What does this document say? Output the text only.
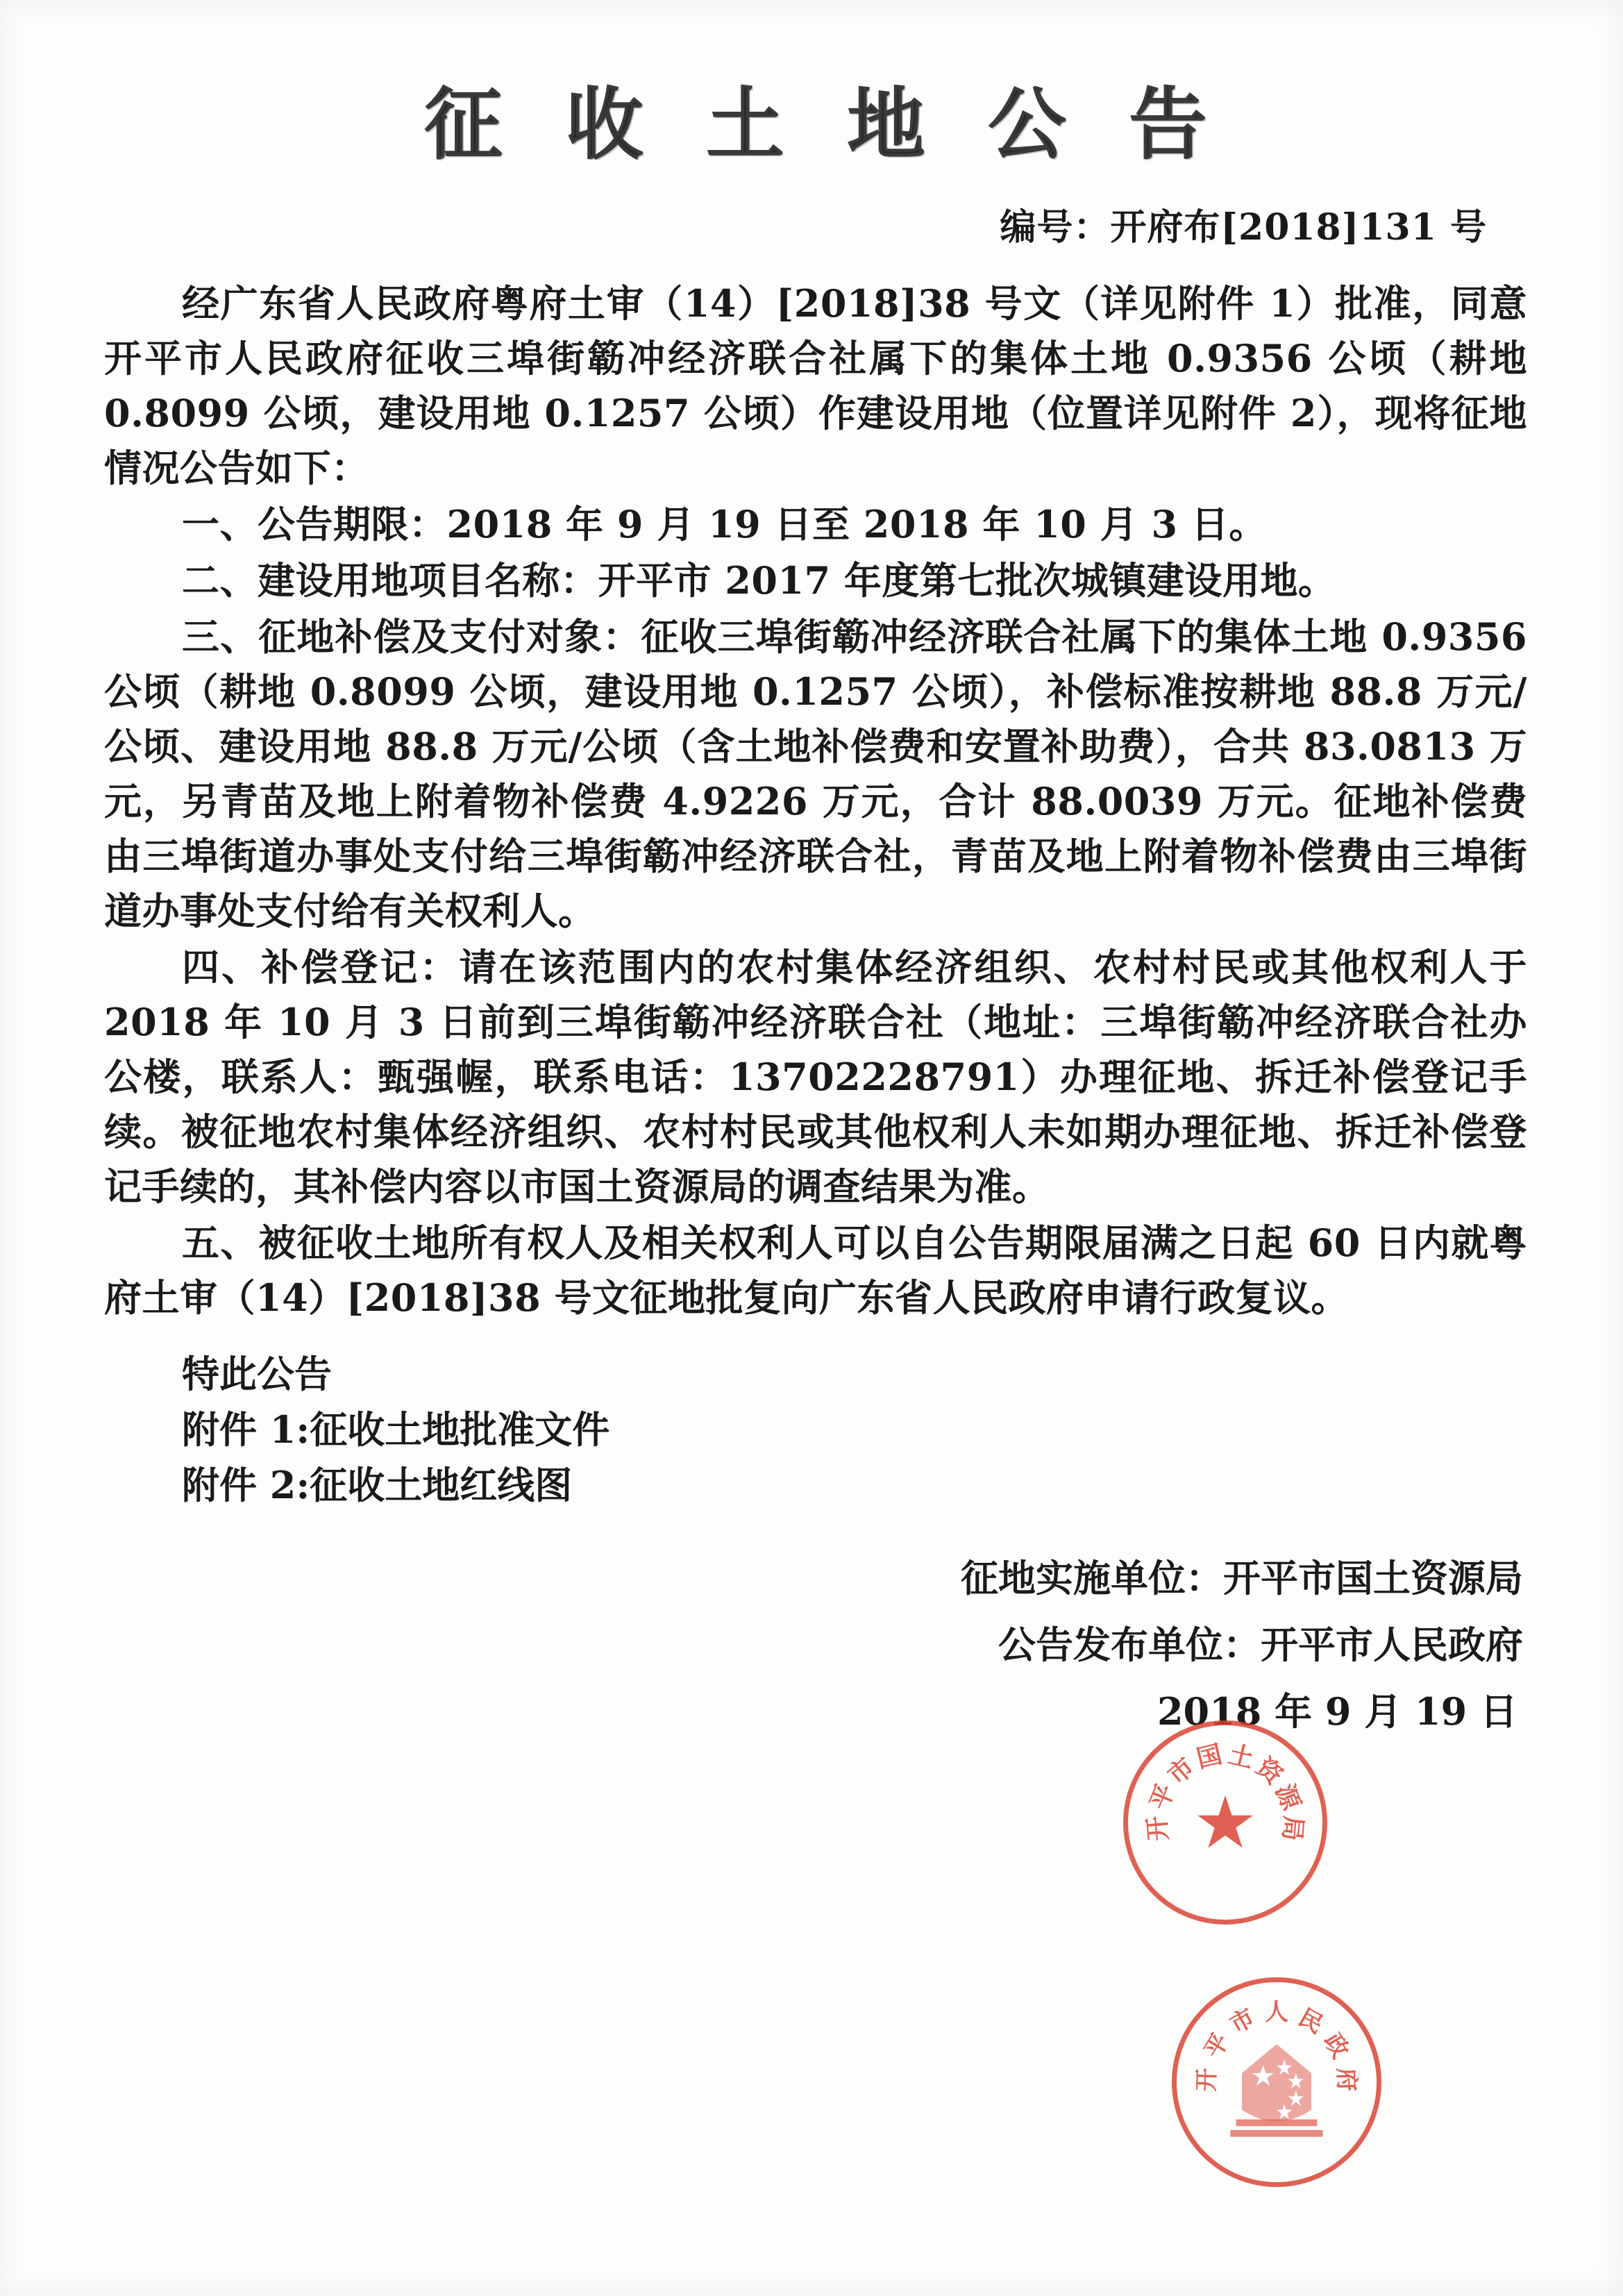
征 收 土 地 公 告
编号：开府布[2018]131 号

经广东省人民政府粤府土审（14）[2018]38 号文（详见附件 1）批准，同意开平市人民政府征收三埠街簕冲经济联合社属下的集体土地 0.9356 公顷（耕地 0.8099 公顷，建设用地 0.1257 公顷）作建设用地（位置详见附件 2），现将征地情况公告如下：

一、公告期限：2018 年 9 月 19 日至 2018 年 10 月 3 日。

二、建设用地项目名称：开平市 2017 年度第七批次城镇建设用地。

三、征地补偿及支付对象：征收三埠街簕冲经济联合社属下的集体土地 0.9356 公顷（耕地 0.8099 公顷，建设用地 0.1257 公顷），补偿标准按耕地 88.8 万元/公顷、建设用地 88.8 万元/公顷（含土地补偿费和安置补助费），合共 83.0813 万元，另青苗及地上附着物补偿费 4.9226 万元，合计 88.0039 万元。征地补偿费由三埠街道办事处支付给三埠街簕冲经济联合社，青苗及地上附着物补偿费由三埠街道办事处支付给有关权利人。

四、补偿登记：请在该范围内的农村集体经济组织、农村村民或其他权利人于 2018 年 10 月 3 日前到三埠街簕冲经济联合社（地址：三埠街簕冲经济联合社办公楼，联系人：甄强幄，联系电话：13702228791）办理征地、拆迁补偿登记手续。被征地农村集体经济组织、农村村民或其他权利人未如期办理征地、拆迁补偿登记手续的，其补偿内容以市国土资源局的调查结果为准。

五、被征收土地所有权人及相关权利人可以自公告期限届满之日起 60 日内就粤府土审（14）[2018]38 号文征地批复向广东省人民政府申请行政复议。

特此公告
附件 1:征收土地批准文件
附件 2:征收土地红线图
征地实施单位：开平市国土资源局
公告发布单位：开平市人民政府
2018 年 9 月 19 日
开
平
市
国 土
资
源
局
★
开
平
市 人 民
政
府
